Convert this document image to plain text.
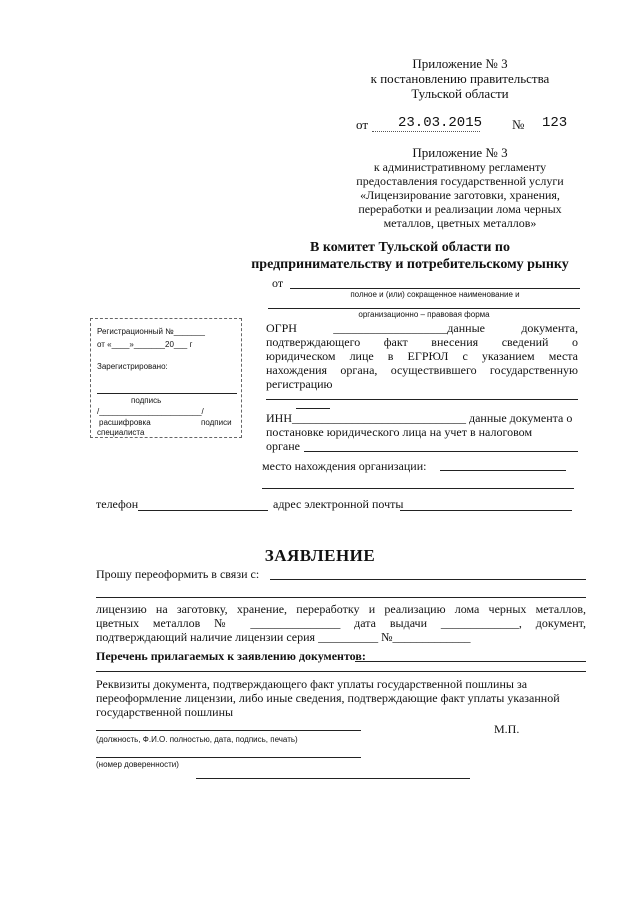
Приложение № 3
к постановлению правительства
Тульской области
от 23.03.2015 № 123
Приложение № 3
к административному регламенту
предоставления государственной услуги
«Лицензирование заготовки, хранения,
переработки и реализации лома черных
металлов, цветных металлов»
В комитет Тульской области по
предпринимательству и потребительскому рынку
от
полное и (или) сокращенное наименование и
организационно – правовая форма
Регистрационный №_______
от «____»_______20___ г
Зарегистрировано:
подпись
/_______________________/
расшифровка	подписи
специалиста
ОГРН ___________________данные документа,
подтверждающего факт внесения сведений о
юридическом лице в ЕГРЮЛ с указанием места
нахождения органа, осуществившего государственную
регистрацию
ИНН_____________________________ данные документа о
постановке юридического лица на учет в налоговом
органе
место нахождения организации:
телефон	адрес электронной почты
ЗАЯВЛЕНИЕ
Прошу переоформить в связи с:
лицензию на заготовку, хранение, переработку и реализацию лома черных металлов,
цветных металлов № _______________ дата выдачи _____________, документ,
подтверждающий наличие лицензии серия __________ №_____________
Перечень прилагаемых к заявлению документов:
Реквизиты документа, подтверждающего факт уплаты государственной пошлины за
переоформление лицензии, либо иные сведения, подтверждающие факт уплаты указанной
государственной пошлины
М.П.
(должность, Ф.И.О. полностью, дата, подпись, печать)
(номер доверенности)
